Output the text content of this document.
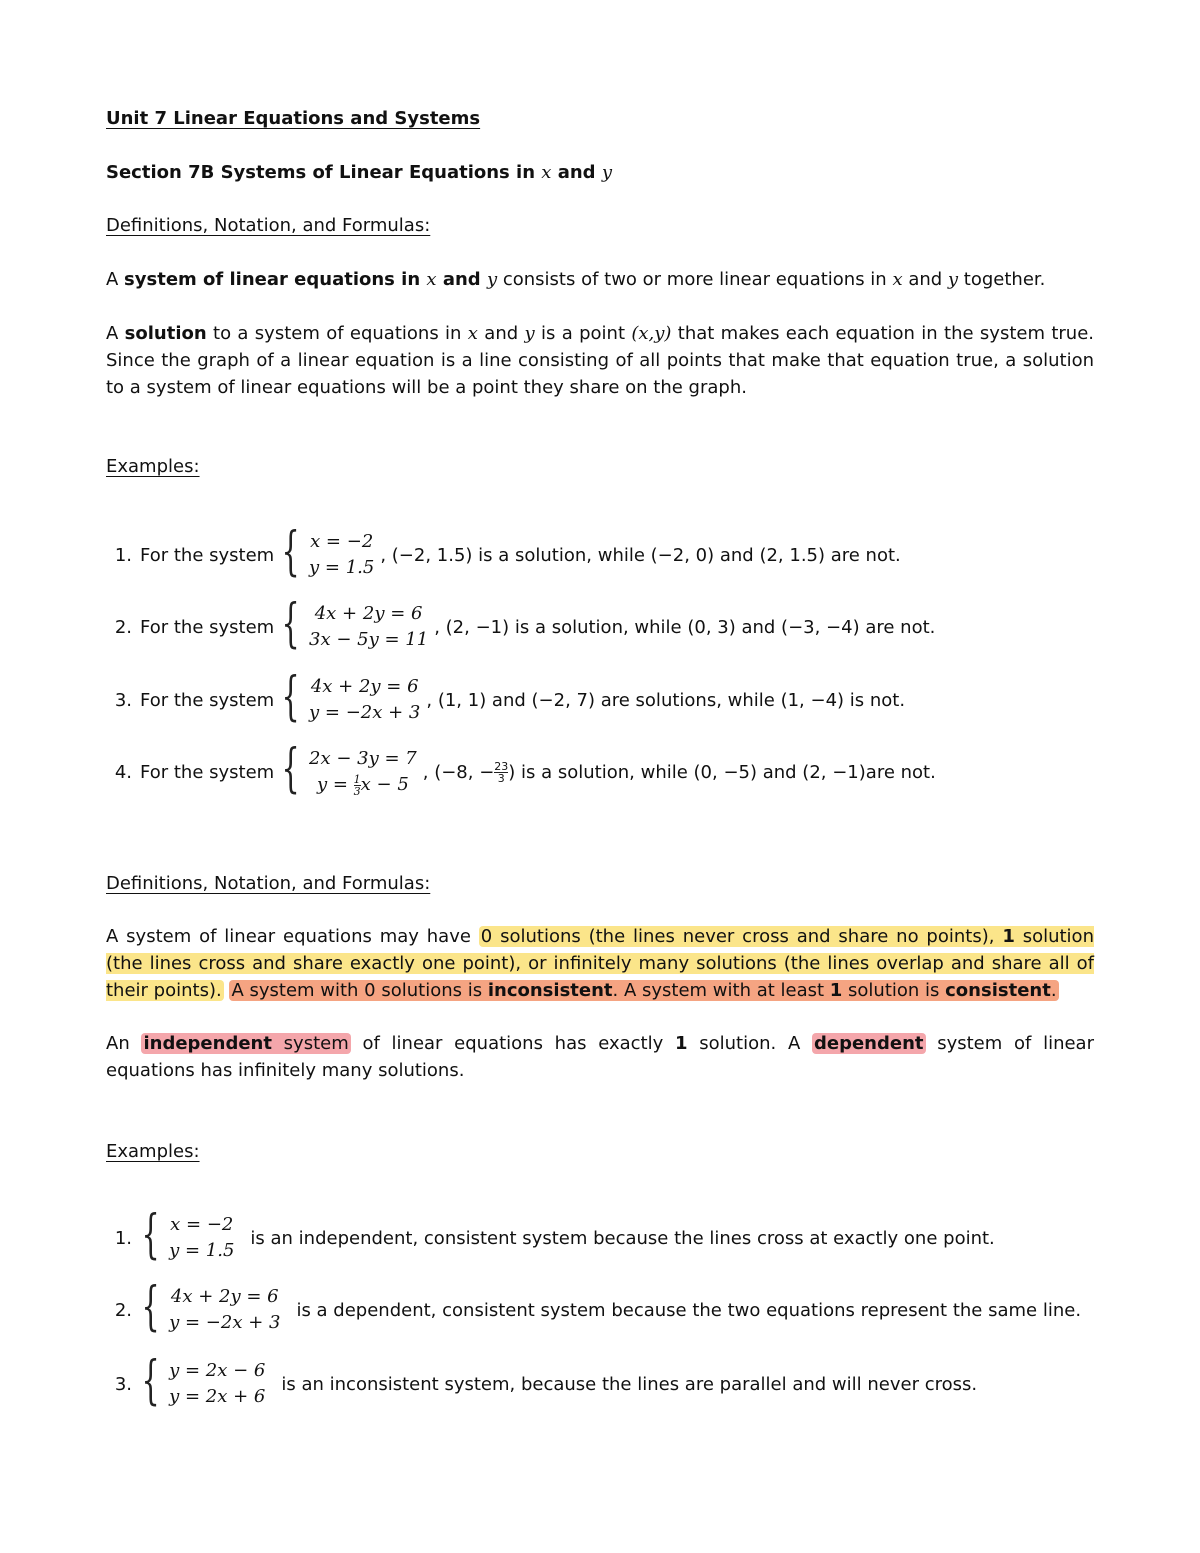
Unit 7 Linear Equations and Systems
Section 7B Systems of Linear Equations in x and y
Definitions, Notation, and Formulas:
A system of linear equations in x and y consists of two or more linear equations in x and y together.
A solution to a system of equations in x and y is a point (x,y) that makes each equation in the system true. Since the graph of a linear equation is a line consisting of all points that make that equation true, a solution to a system of linear equations will be a point they share on the graph.
Examples:
1. For the system
{ x = −2
y = 1.5
, (−2, 1.5) is a solution, while (−2, 0) and (2, 1.5) are not.
2. For the system
{ 4x + 2y = 6
3x − 5y = 11
, (2, −1) is a solution, while (0, 3) and (−3, −4) are not.
3. For the system
{ 4x + 2y = 6
y = −2x + 3
, (1, 1) and (−2, 7) are solutions, while (1, −4) is not.
4. For the system
{ 2x − 3y = 7
$y = \frac{1}{3}$ x − 5
, (−8, − $\frac{23}{3}$ ) is a solution, while (0, −5) and (2, −1)are not.
Definitions, Notation, and Formulas:
A system of linear equations may have 0 solutions (the lines never cross and share no points), 1 solution (the lines cross and share exactly one point), or infinitely many solutions (the lines overlap and share all of their points). A system with 0 solutions is inconsistent. A system with at least 1 solution is consistent.
An independent system of linear equations has exactly 1 solution. A dependent system of linear equations has infinitely many solutions.
Examples:
1. { x = −2
y = 1.5
is an independent, consistent system because the lines cross at exactly one point.
2. { 4x + 2y = 6
y = −2x + 3
is a dependent, consistent system because the two equations represent the same line.
3. { y = 2x − 6
y = 2x + 6
is an inconsistent system, because the lines are parallel and will never cross.
